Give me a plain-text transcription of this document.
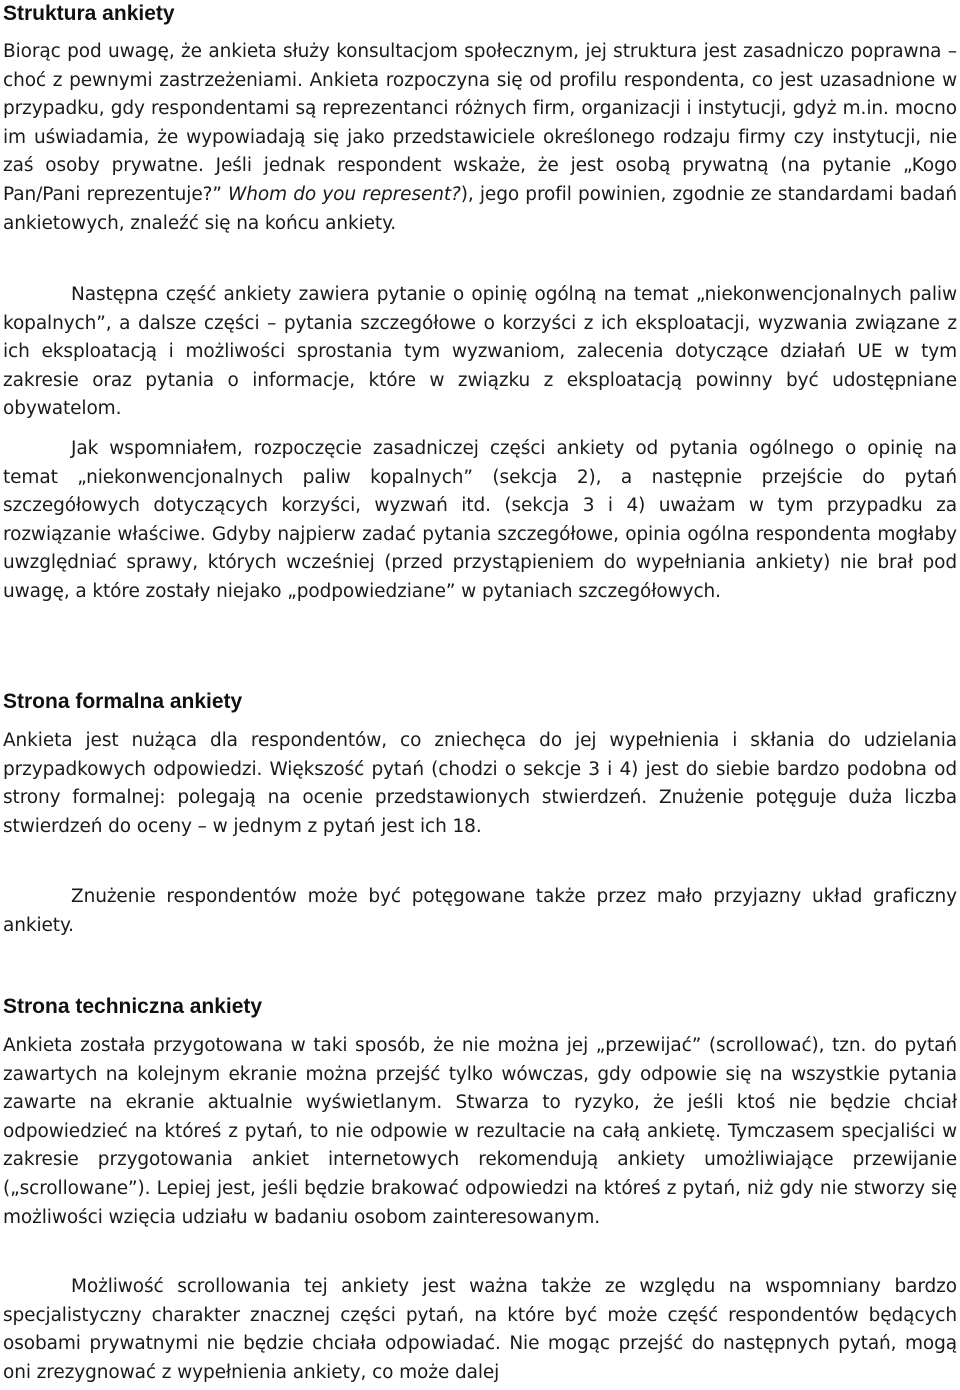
Struktura ankiety

Biorąc pod uwagę, że ankieta służy konsultacjom społecznym, jej struktura jest zasadniczo poprawna – choć z pewnymi zastrzeżeniami. Ankieta rozpoczyna się od profilu respondenta, co jest uzasadnione w przypadku, gdy respondentami są reprezentanci różnych firm, organizacji i instytucji, gdyż m.in. mocno im uświadamia, że wypowiadają się jako przedstawiciele określonego rodzaju firmy czy instytucji, nie zaś osoby prywatne. Jeśli jednak respondent wskaże, że jest osobą prywatną (na pytanie „Kogo Pan/Pani reprezentuje?” Whom do you represent?), jego profil powinien, zgodnie ze standardami badań ankietowych, znaleźć się na końcu ankiety.

Następna część ankiety zawiera pytanie o opinię ogólną na temat „niekonwencjonalnych paliw kopalnych”, a dalsze części – pytania szczegółowe o korzyści z ich eksploatacji, wyzwania związane z ich eksploatacją i możliwości sprostania tym wyzwaniom, zalecenia dotyczące działań UE w tym zakresie oraz pytania o informacje, które w związku z eksploatacją powinny być udostępniane obywatelom.

Jak wspomniałem, rozpoczęcie zasadniczej części ankiety od pytania ogólnego o opinię na temat „niekonwencjonalnych paliw kopalnych” (sekcja 2), a następnie przejście do pytań szczegółowych dotyczących korzyści, wyzwań itd. (sekcja 3 i 4) uważam w tym przypadku za rozwiązanie właściwe. Gdyby najpierw zadać pytania szczegółowe, opinia ogólna respondenta mogłaby uwzględniać sprawy, których wcześniej (przed przystąpieniem do wypełniania ankiety) nie brał pod uwagę, a które zostały niejako „podpowiedziane” w pytaniach szczegółowych.

Strona formalna ankiety

Ankieta jest nużąca dla respondentów, co zniechęca do jej wypełnienia i skłania do udzielania przypadkowych odpowiedzi. Większość pytań (chodzi o sekcje 3 i 4) jest do siebie bardzo podobna od strony formalnej: polegają na ocenie przedstawionych stwierdzeń. Znużenie potęguje duża liczba stwierdzeń do oceny – w jednym z pytań jest ich 18.

Znużenie respondentów może być potęgowane także przez mało przyjazny układ graficzny ankiety.

Strona techniczna ankiety

Ankieta została przygotowana w taki sposób, że nie można jej „przewijać” (scrollować), tzn. do pytań zawartych na kolejnym ekranie można przejść tylko wówczas, gdy odpowie się na wszystkie pytania zawarte na ekranie aktualnie wyświetlanym. Stwarza to ryzyko, że jeśli ktoś nie będzie chciał odpowiedzieć na któreś z pytań, to nie odpowie w rezultacie na całą ankietę. Tymczasem specjaliści w zakresie przygotowania ankiet internetowych rekomendują ankiety umożliwiające przewijanie („scrollowane”). Lepiej jest, jeśli będzie brakować odpowiedzi na któreś z pytań, niż gdy nie stworzy się możliwości wzięcia udziału w badaniu osobom zainteresowanym.

Możliwość scrollowania tej ankiety jest ważna także ze względu na wspomniany bardzo specjalistyczny charakter znacznej części pytań, na które być może część respondentów będących osobami prywatnymi nie będzie chciała odpowiadać. Nie mogąc przejść do następnych pytań, mogą oni zrezygnować z wypełnienia ankiety, co może dalej
